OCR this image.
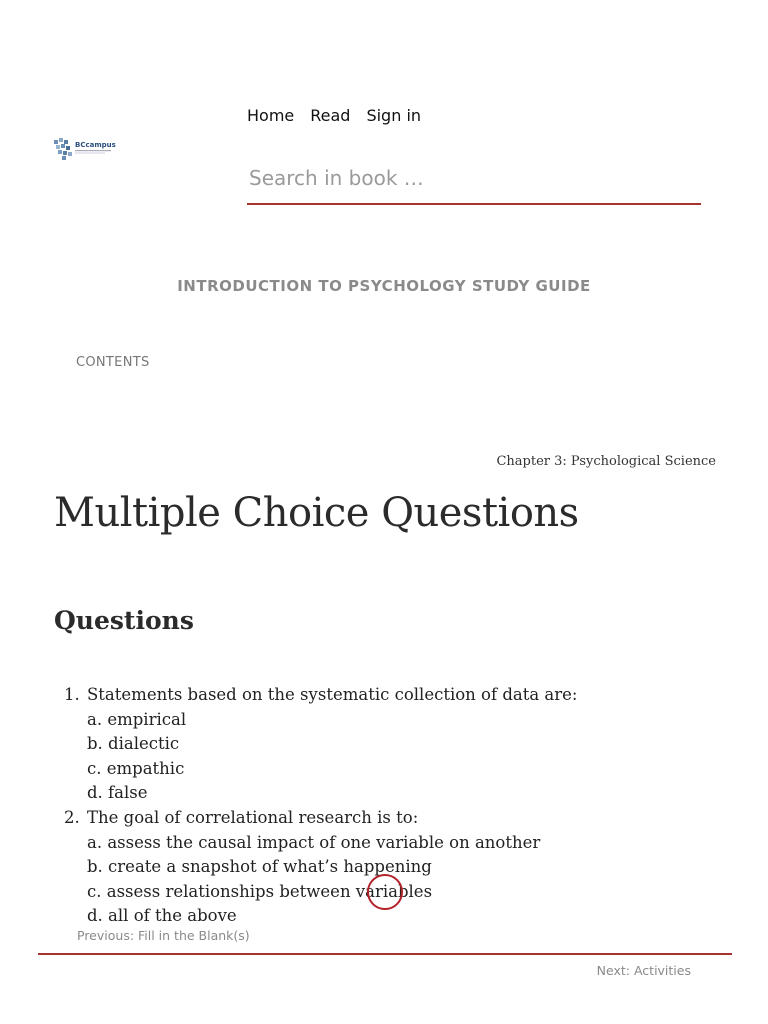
BCcampus
Home Read Sign in
Search in book …
INTRODUCTION TO PSYCHOLOGY STUDY GUIDE
CONTENTS
Chapter 3: Psychological Science
Multiple Choice Questions
Questions
1. Statements based on the systematic collection of data are:
a. empirical
b. dialectic
c. empathic
d. false
2. The goal of correlational research is to:
a. assess the causal impact of one variable on another
b. create a snapshot of what’s happening
c. assess relationships between variables
d. all of the above
Previous: Fill in the Blank(s)
Next: Activities
